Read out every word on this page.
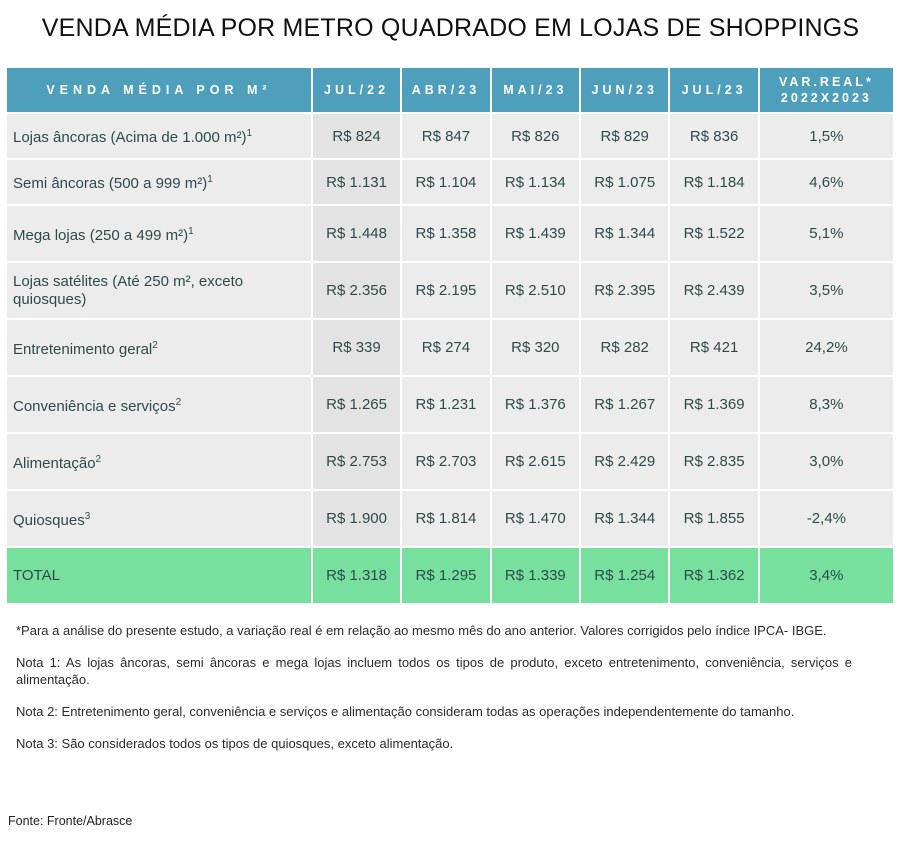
VENDA MÉDIA POR METRO QUADRADO EM LOJAS DE SHOPPINGS
VENDA MÉDIA POR M²	JUL/22	ABR/23	MAI/23	JUN/23	JUL/23	VAR.REAL*
2022X2023
Lojas âncoras (Acima de 1.000 m²)$^1$	R$ 824	R$ 847	R$ 826	R$ 829	R$ 836	1,5%
Semi âncoras (500 a 999 m²)$^1$	R$ 1.131	R$ 1.104	R$ 1.134	R$ 1.075	R$ 1.184	4,6%
Mega lojas (250 a 499 m²)$^1$	R$ 1.448	R$ 1.358	R$ 1.439	R$ 1.344	R$ 1.522	5,1%
Lojas satélites (Até 250 m², exceto quiosques)	R$ 2.356	R$ 2.195	R$ 2.510	R$ 2.395	R$ 2.439	3,5%
Entretenimento geral$^2$	R$ 339	R$ 274	R$ 320	R$ 282	R$ 421	24,2%
Conveniência e serviços$^2$	R$ 1.265	R$ 1.231	R$ 1.376	R$ 1.267	R$ 1.369	8,3%
Alimentação$^2$	R$ 2.753	R$ 2.703	R$ 2.615	R$ 2.429	R$ 2.835	3,0%
Quiosques$^3$	R$ 1.900	R$ 1.814	R$ 1.470	R$ 1.344	R$ 1.855	-2,4%
TOTAL	R$ 1.318	R$ 1.295	R$ 1.339	R$ 1.254	R$ 1.362	3,4%

*Para a análise do presente estudo, a variação real é em relação ao mesmo mês do ano anterior. Valores corrigidos pelo índice IPCA- IBGE.

Nota 1: As lojas âncoras, semi âncoras e mega lojas incluem todos os tipos de produto, exceto entretenimento, conveniência, serviços e alimentação.

Nota 2: Entretenimento geral, conveniência e serviços e alimentação consideram todas as operações independentemente do tamanho.

Nota 3: São considerados todos os tipos de quiosques, exceto alimentação.

Fonte: Fronte/Abrasce
